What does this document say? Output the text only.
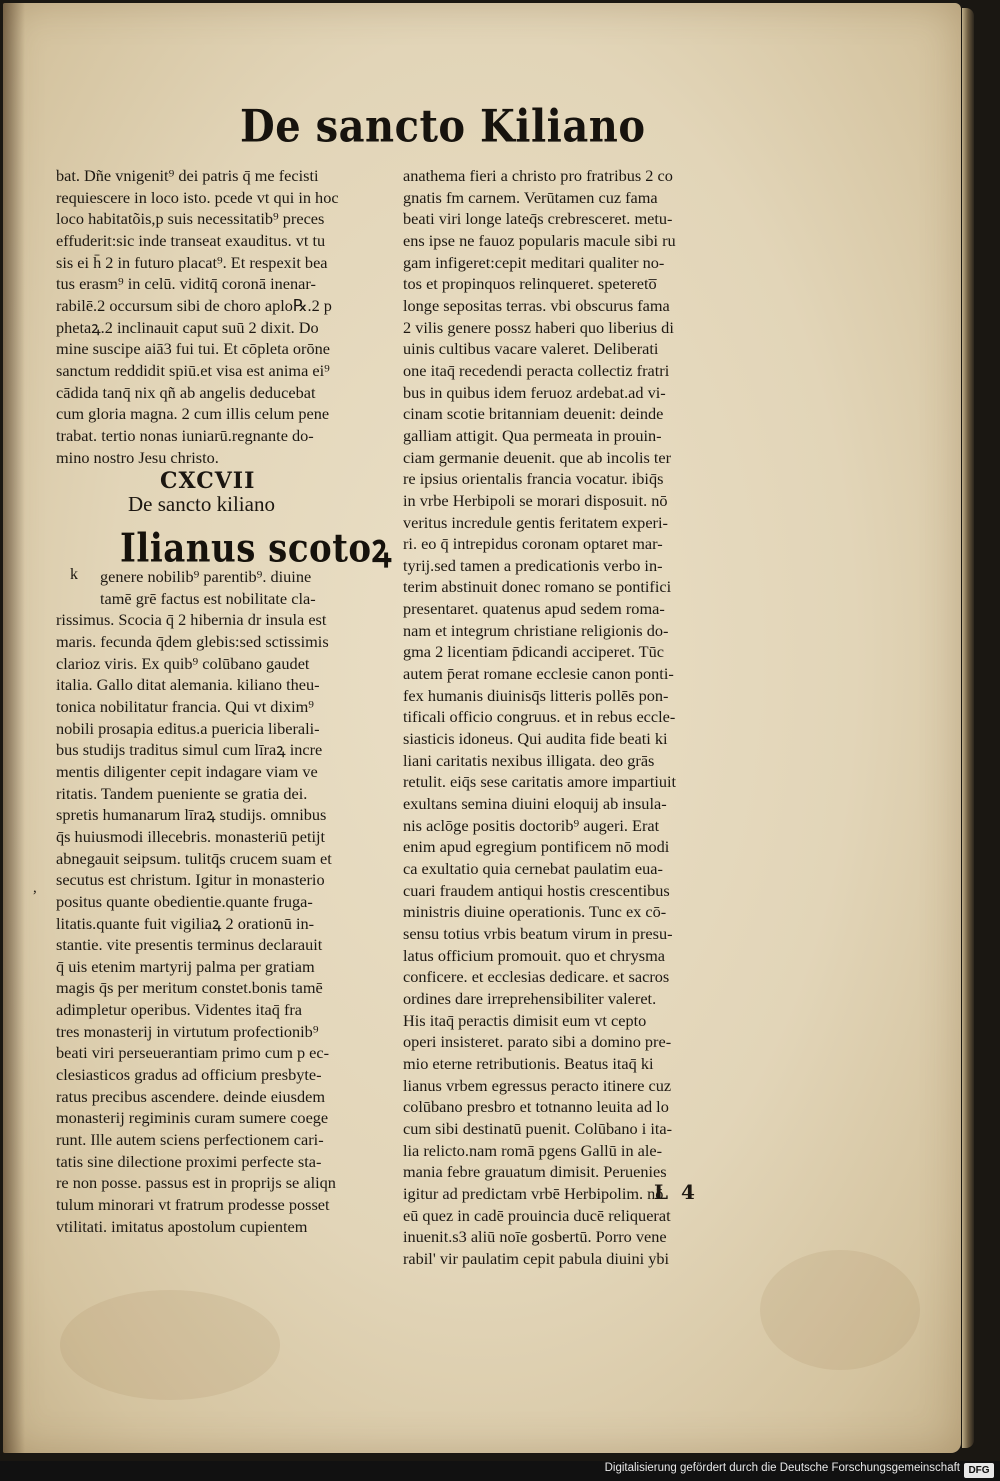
De sancto Kiliano
bat. Dñe vnigenit⁹ dei patris q̄ me fecisti
requiescere in loco isto. pcede vt qui in hoc
loco habitatõis,p suis necessitatib⁹ preces
effuderit:sic inde transeat exauditus. vt tu
sis ei h̄ 2 in futuro placat⁹. Et respexit bea
tus erasm⁹ in celū. viditq̄ coronā inenar-
rabilē.2 occursum sibi de choro aplo℞.2 p
phetaꝝ.2 inclinauit caput suū 2 dixit. Do
mine suscipe aiā3 fui tui. Et cōpleta orōne
sanctum reddidit spiū.et visa est anima ei⁹
cādida tanq̄ nix qñ ab angelis deducebat
cum gloria magna. 2 cum illis celum pene
trabat. tertio nonas iuniarū.regnante do-
mino nostro Jesu christo.
CXCVII
De sancto kiliano
Ilianus scotoꝝ
k	genere nobilib⁹ parentib⁹. diuine
tamē grē factus est nobilitate cla-
rissimus. Scocia q̄ 2 hibernia dr insula est
maris. fecunda q̄dem glebis:sed sctissimis
clarioz viris. Ex quib⁹ colūbano gaudet
italia. Gallo ditat alemania. kiliano theu-
tonica nobilitatur francia. Qui vt dixim⁹
nobili prosapia editus.a puericia liberali-
bus studijs traditus simul cum līraꝝ incre
mentis diligenter cepit indagare viam ve
ritatis. Tandem pueniente se gratia dei.
spretis humanarum līraꝝ studijs. omnibus
q̄s huiusmodi illecebris. monasteriū petijt
abnegauit seipsum. tulitq̄s crucem suam et
secutus est christum. Igitur in monasterio
positus quante obedientie.quante fruga-
litatis.quante fuit vigiliaꝝ 2 orationū in-
stantie. vite presentis terminus declarauit
q̄ uis etenim martyrij palma per gratiam
magis q̄s per meritum constet.bonis tamē
adimpletur operibus. Videntes itaq̄ fra
tres monasterij in virtutum profectionib⁹
beati viri perseuerantiam primo cum p ec-
clesiasticos gradus ad officium presbyte-
ratus precibus ascendere. deinde eiusdem
monasterij regiminis curam sumere coege
runt. Ille autem sciens perfectionem cari-
tatis sine dilectione proximi perfecte sta-
re non posse. passus est in proprijs se aliqn
tulum minorari vt fratrum prodesse posset
vtilitati. imitatus apostolum cupientem
anathema fieri a christo pro fratribus 2 co
gnatis fm carnem. Verūtamen cuz fama
beati viri longe lateq̄s crebresceret. metu-
ens ipse ne fauoz popularis macule sibi ru
gam infigeret:cepit meditari qualiter no-
tos et propinquos relinqueret. spetereto̅
longe sepositas terras. vbi obscurus fama
2 vilis genere possz haberi quo liberius di
uinis cultibus vacare valeret. Deliberati
one itaq̄ recedendi peracta collectiz fratri
bus in quibus idem feruoz ardebat.ad vi-
cinam scotie britanniam deuenit: deinde
galliam attigit. Qua permeata in prouin-
ciam germanie deuenit. que ab incolis ter
re ipsius orientalis francia vocatur. ibiq̄s
in vrbe Herbipoli se morari disposuit. nō
veritus incredule gentis feritatem experi-
ri. eo q̄ intrepidus coronam optaret mar-
tyrij.sed tamen a predicationis verbo in-
terim abstinuit donec romano se pontifici
presentaret. quatenus apud sedem roma-
nam et integrum christiane religionis do-
gma 2 licentiam p̄dicandi acciperet. Tūc
autem p̄erat romane ecclesie canon ponti-
fex humanis diuinisq̄s litteris pollēs pon-
tificali officio congruus. et in rebus eccle-
siasticis idoneus. Qui audita fide beati ki
liani caritatis nexibus illigata. deo grās
retulit. eiq̄s sese caritatis amore impartiuit
exultans semina diuini eloquij ab insula-
nis aclōge positis doctorib⁹ augeri. Erat
enim apud egregium pontificem nō modi
ca exultatio quia cernebat paulatim eua-
cuari fraudem antiqui hostis crescentibus
ministris diuine operationis. Tunc ex cō-
sensu totius vrbis beatum virum in presu-
latus officium promouit. quo et chrysma
conficere. et ecclesias dedicare. et sacros
ordines dare irreprehensibiliter valeret.
His itaq̄ peractis dimisit eum vt cepto
operi insisteret. parato sibi a domino pre-
mio eterne retributionis. Beatus itaq̄ ki
lianus vrbem egressus peracto itinere cuz
colūbano presbro et totnanno leuita ad lo
cum sibi destinatū puenit. Colūbano i ita-
lia relicto.nam romā pgens Gallū in ale-
mania febre grauatum dimisit. Peruenies
igitur ad predictam vrbē Herbipolim. nō
eū quez in cadē prouincia ducē reliquerat
inuenit.s3 aliū noīe gosbertū. Porro vene
rabil' vir paulatim cepit pabula diuini ybi
,
L 4
Digitalisierung gefördert durch die Deutsche Forschungsgemeinschaft DFG
